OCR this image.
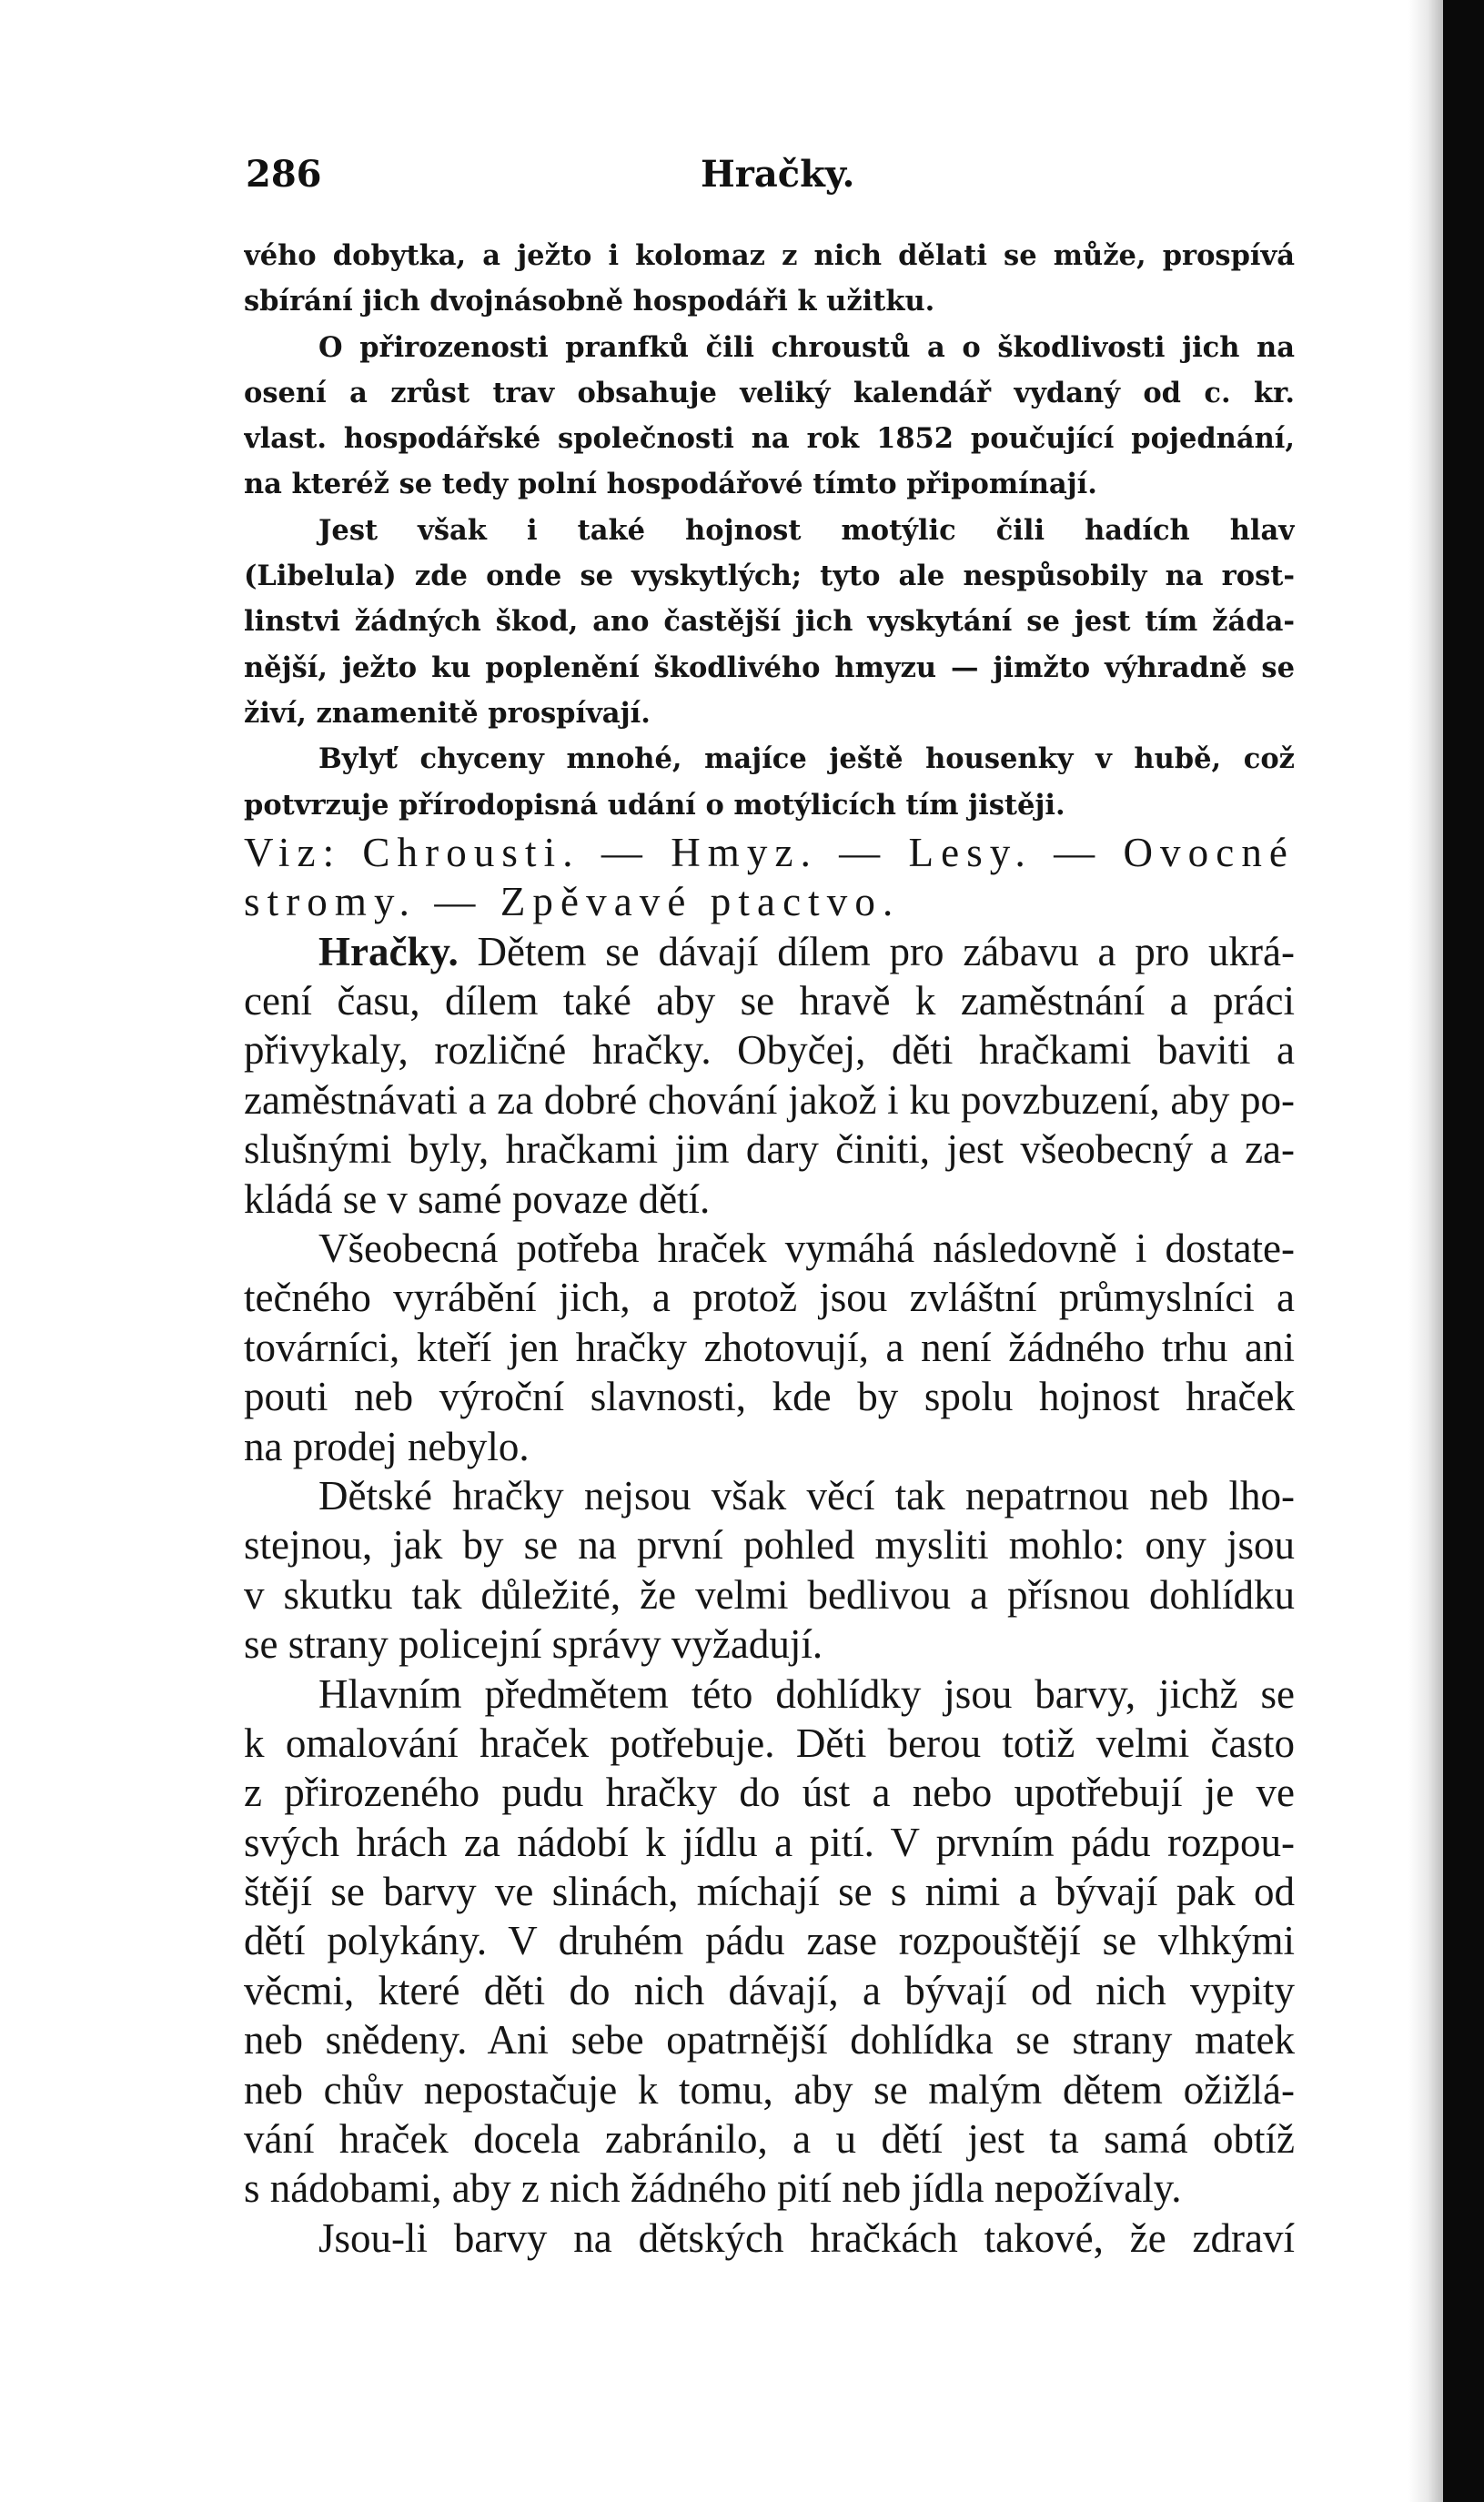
286	Hračky.
vého dobytka, a ježto i kolomaz z nich dělati se může, prospívá
sbírání jich dvojnásobně hospodáři k užitku.
O přirozenosti pranfků čili chroustů a o škodlivosti jich na
osení a zrůst trav obsahuje veliký kalendář vydaný od c. kr.
vlast. hospodářské společnosti na rok 1852 poučující pojednání,
na kteréž se tedy polní hospodářové tímto připomínají.
Jest však i také hojnost motýlic čili hadích hlav
(Libelula) zde onde se vyskytlých; tyto ale nespůsobily na rost-
linstvi žádných škod, ano častější jich vyskytání se jest tím žáda-
nější, ježto ku poplenění škodlivého hmyzu — jimžto výhradně se
živí, znamenitě prospívají.
Bylyť chyceny mnohé, majíce ještě housenky v hubě, což
potvrzuje přírodopisná udání o motýlicích tím jistěji.
Viz: Chrousti. — Hmyz. — Lesy. — Ovocné
stromy. — Zpěvavé ptactvo.
Hračky. Dětem se dávají dílem pro zábavu a pro ukrá-
cení času, dílem také aby se hravě k zaměstnání a práci
přivykaly, rozličné hračky. Obyčej, děti hračkami baviti a
zaměstnávati a za dobré chování jakož i ku povzbuzení, aby po-
slušnými byly, hračkami jim dary činiti, jest všeobecný a za-
kládá se v samé povaze dětí.
Všeobecná potřeba hraček vymáhá následovně i dostate-
tečného vyrábění jich, a protož jsou zvláštní průmyslníci a
továrníci, kteří jen hračky zhotovují, a není žádného trhu ani
pouti neb výroční slavnosti, kde by spolu hojnost hraček
na prodej nebylo.
Dětské hračky nejsou však věcí tak nepatrnou neb lho-
stejnou, jak by se na první pohled mysliti mohlo: ony jsou
v skutku tak důležité, že velmi bedlivou a přísnou dohlídku
se strany policejní správy vyžadují.
Hlavním předmětem této dohlídky jsou barvy, jichž se
k omalování hraček potřebuje. Děti berou totiž velmi často
z přirozeného pudu hračky do úst a nebo upotřebují je ve
svých hrách za nádobí k jídlu a pití. V prvním pádu rozpou-
štějí se barvy ve slinách, míchají se s nimi a bývají pak od
dětí polykány. V druhém pádu zase rozpouštějí se vlhkými
věcmi, které děti do nich dávají, a bývají od nich vypity
neb snědeny. Ani sebe opatrnější dohlídka se strany matek
neb chův nepostačuje k tomu, aby se malým dětem ožižlá-
vání hraček docela zabránilo, a u dětí jest ta samá obtíž
s nádobami, aby z nich žádného pití neb jídla nepožívaly.
Jsou-li barvy na dětských hračkách takové, že zdraví
